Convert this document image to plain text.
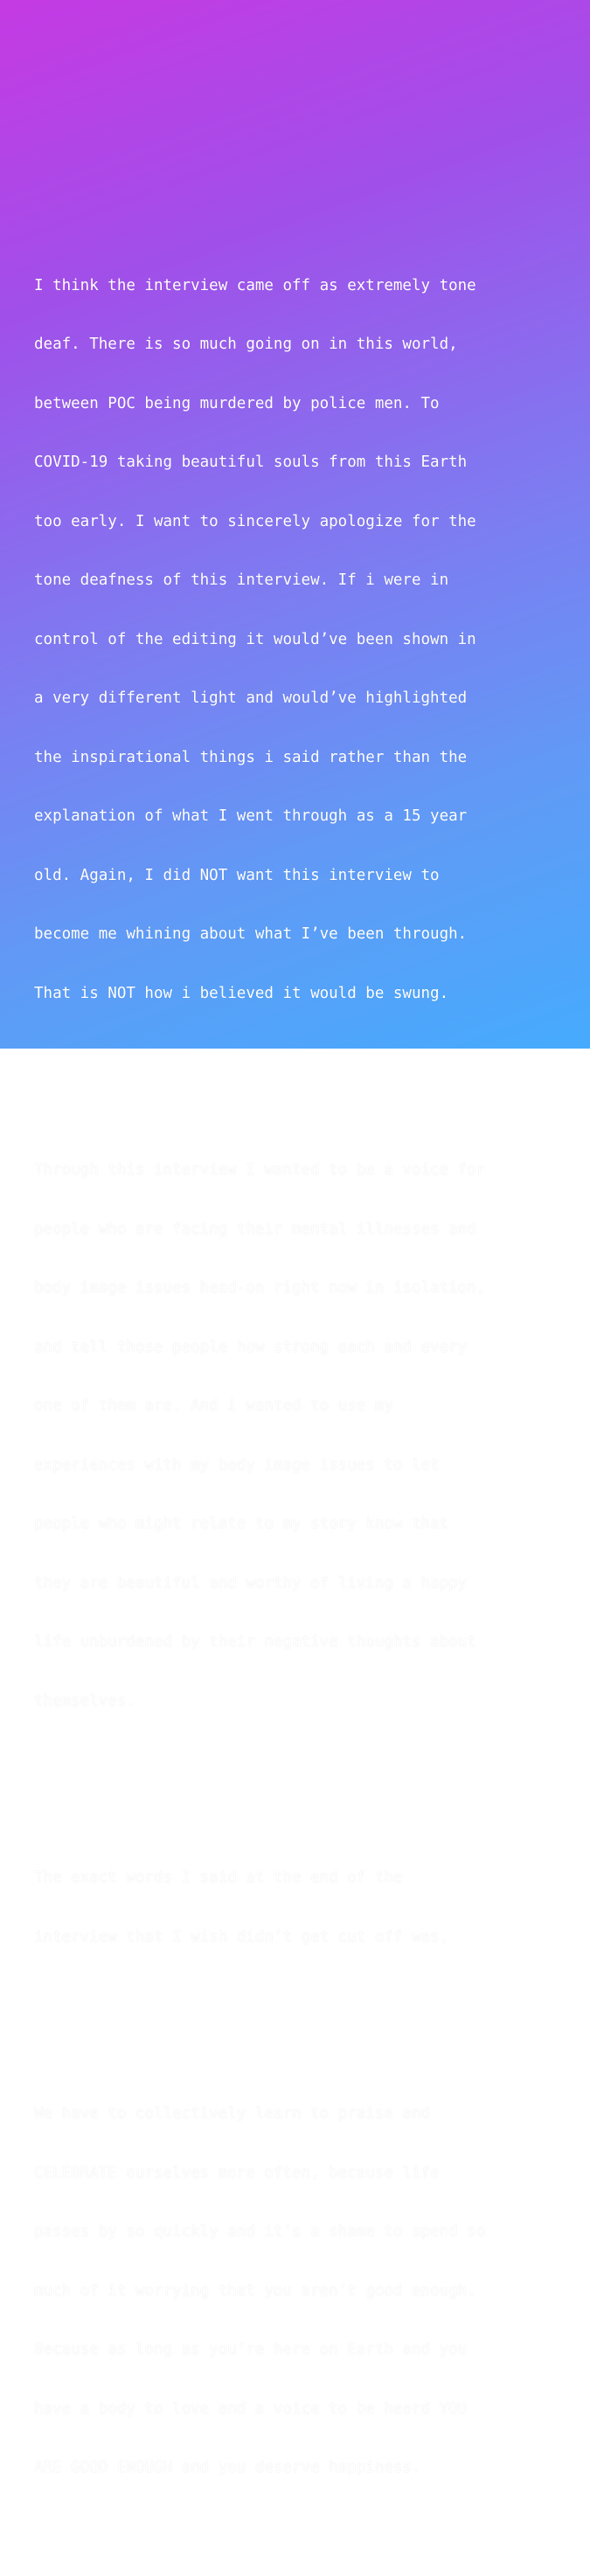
I think the interview came off as extremely tone

deaf. There is so much going on in this world,

between POC being murdered by police men. To

COVID-19 taking beautiful souls from this Earth

too early. I want to sincerely apologize for the

tone deafness of this interview. If i were in

control of the editing it would’ve been shown in

a very different light and would’ve highlighted

the inspirational things i said rather than the

explanation of what I went through as a 15 year

old. Again, I did NOT want this interview to

become me whining about what I’ve been through.

That is NOT how i believed it would be swung.

Through this interview I wanted to be a voice for

people who are facing their mental illnesses and

body image issues head-on right now in isolation,

and tell those people how strong each and every

one of them are. And i wanted to use my

experiences with my body image issues to let

people who might relate to my story know that

they are beautiful and worthy of living a happy

life unburdened by their negative thoughts about

themselves.

The exact words I said at the end of the

interview that I wish didn’t get cut off was,

We have to collectively learn to praise and

CELEBRATE ourselves more often, because life

passes by so quickly and it’s a shame to spend so

much of it worrying that you aren’t good enough.

Because as long as you’re here on Earth and you

have a body to love and a voice to be heard YOU

ARE GOOD ENOUGH and you deserve happiness.
